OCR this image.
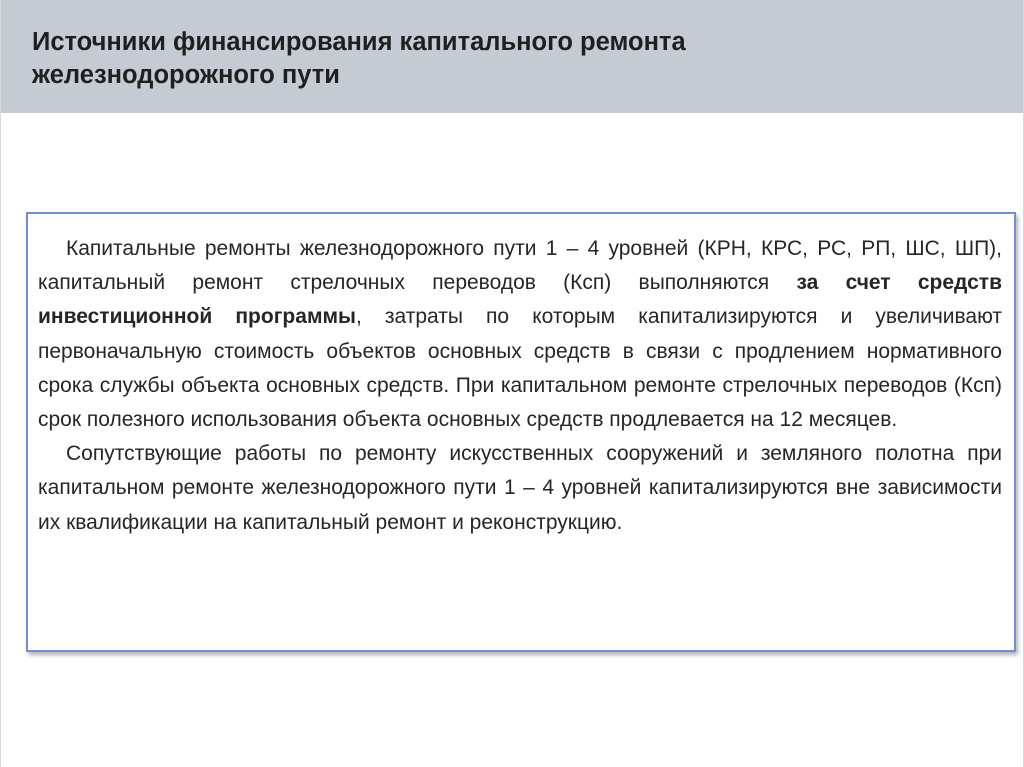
Источники финансирования капитального ремонта
железнодорожного пути

Капитальные ремонты железнодорожного пути 1 – 4 уровней (КРН, КРС, РС, РП, ШС, ШП), капитальный ремонт стрелочных переводов (Ксп) выполняются за счет средств инвестиционной программы, затраты по которым капитализируются и увеличивают первоначальную стоимость объектов основных средств в связи с продлением нормативного срока службы объекта основных средств. При капитальном ремонте стрелочных переводов (Ксп) срок полезного использования объекта основных средств продлевается на 12 месяцев.

Сопутствующие работы по ремонту искусственных сооружений и земляного полотна при капитальном ремонте железнодорожного пути 1 – 4 уровней капитализируются вне зависимости их квалификации на капитальный ремонт и реконструкцию.
